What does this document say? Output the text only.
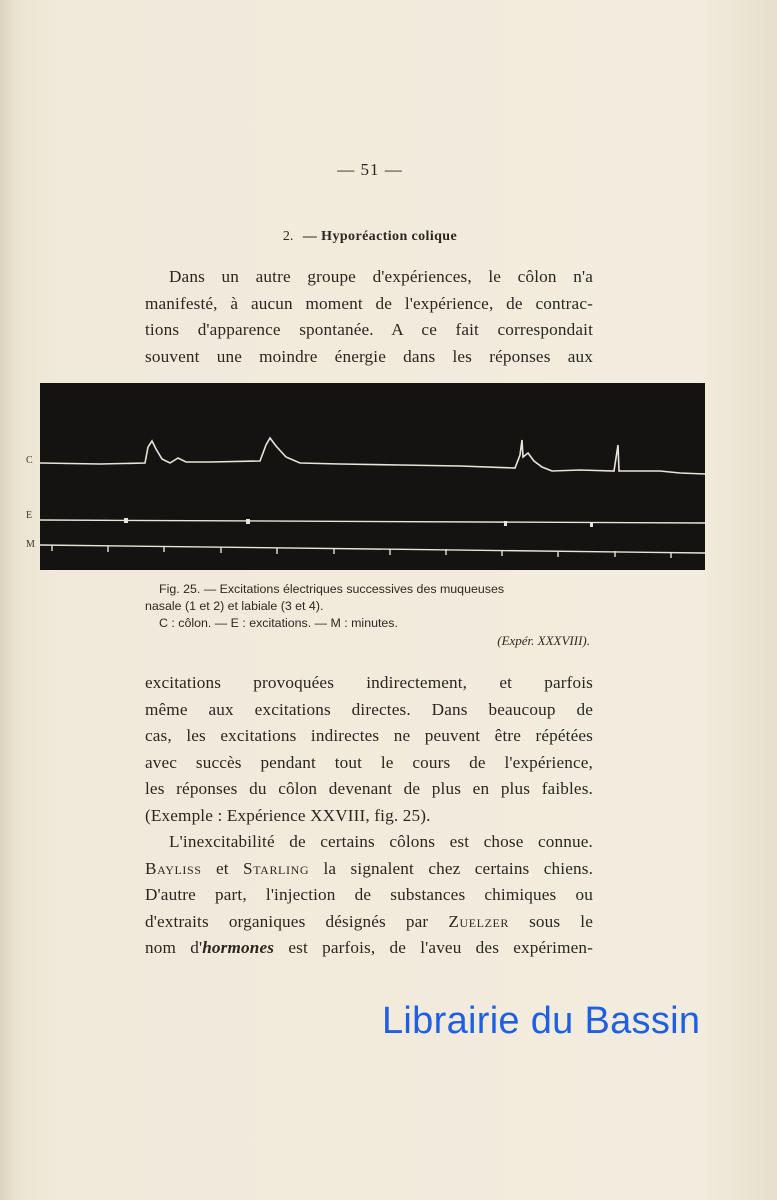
— 51 —
2. — Hyporéaction colique
Dans un autre groupe d'expériences, le côlon n'a
manifesté, à aucun moment de l'expérience, de contrac-
tions d'apparence spontanée. A ce fait correspondait
souvent une moindre énergie dans les réponses aux
C
E
M
Fig. 25. — Excitations électriques successives des muqueuses
nasale (1 et 2) et labiale (3 et 4).
C : côlon. — E : excitations. — M : minutes.
(Expér. XXXVIII).
excitations provoquées indirectement, et parfois
même aux excitations directes. Dans beaucoup de
cas, les excitations indirectes ne peuvent être répétées
avec succès pendant tout le cours de l'expérience,
les réponses du côlon devenant de plus en plus faibles.
(Exemple : Expérience XXVIII, fig. 25).
L'inexcitabilité de certains côlons est chose connue.
Bayliss et Starling la signalent chez certains chiens.
D'autre part, l'injection de substances chimiques ou
d'extraits organiques désignés par Zuelzer sous le
nom d'hormones est parfois, de l'aveu des expérimen-
Librairie du Bassin
